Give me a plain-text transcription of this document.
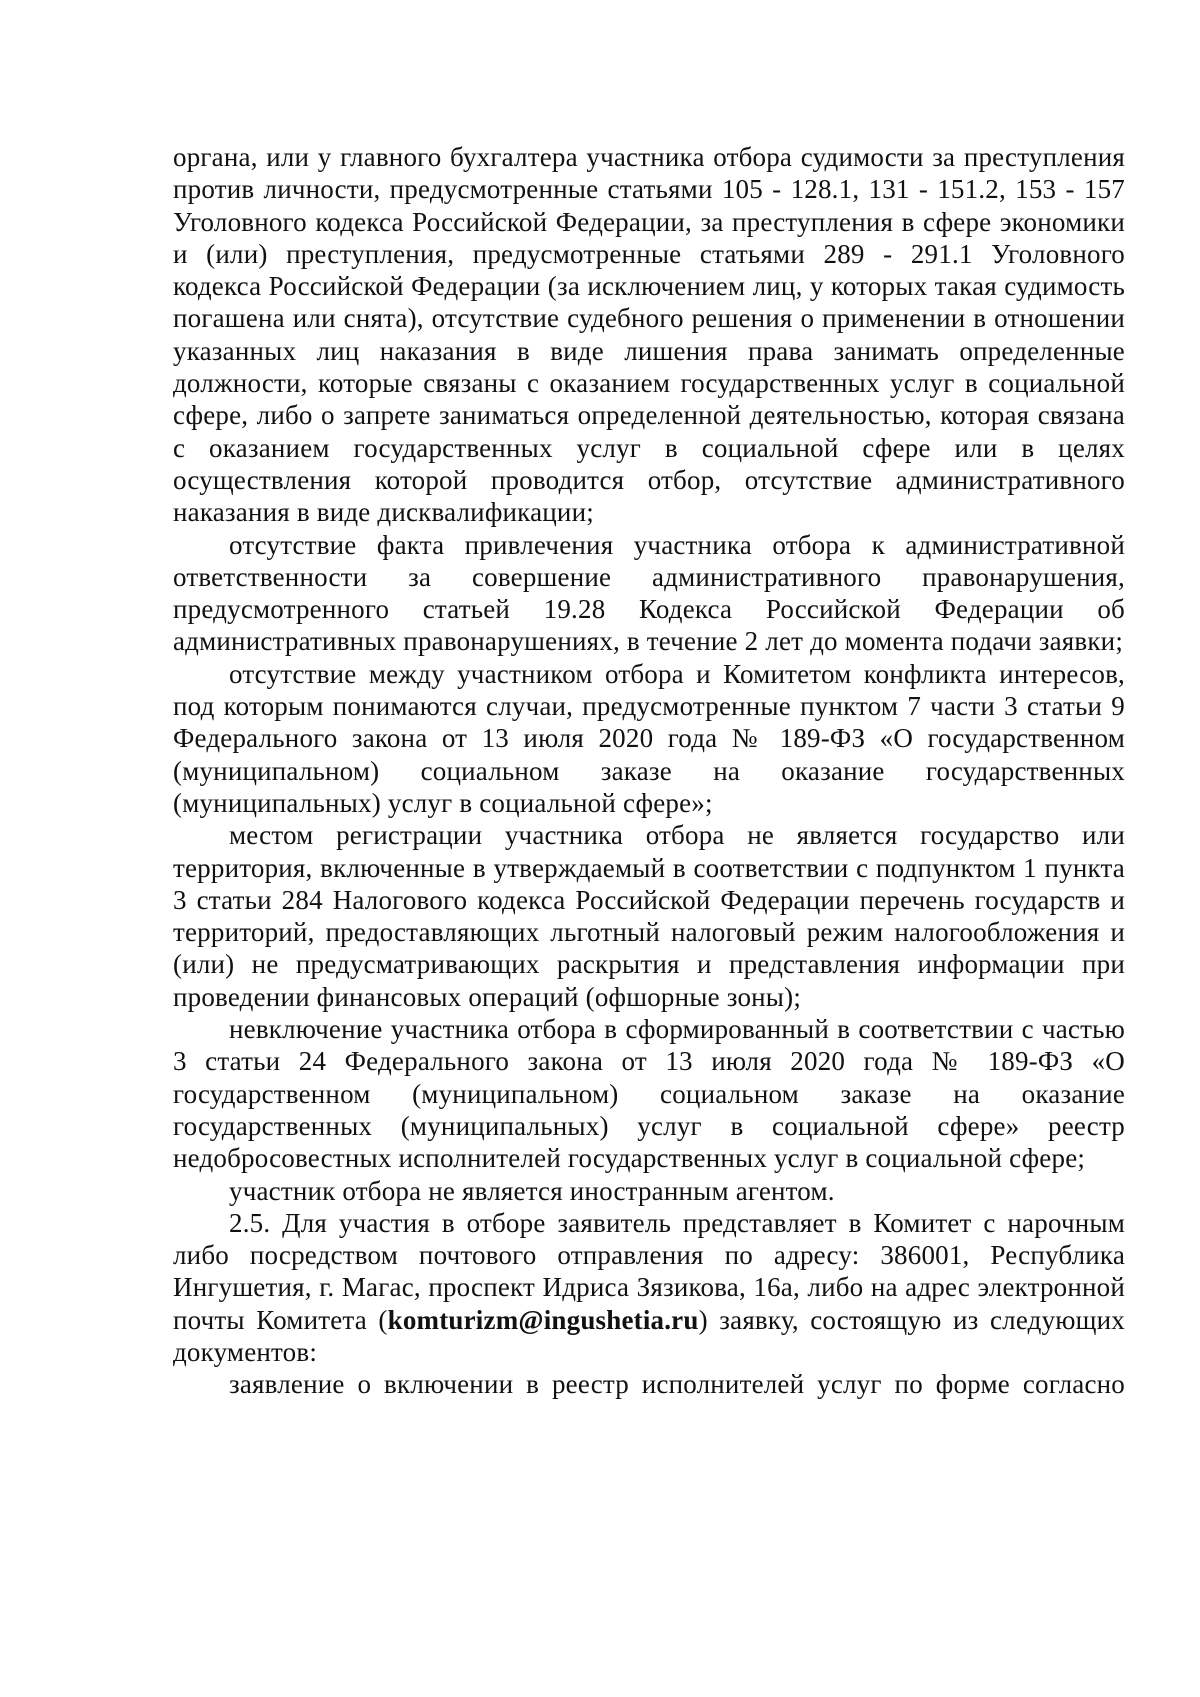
органа, или у главного бухгалтера участника отбора судимости за преступления против личности, предусмотренные статьями 105 - 128.1, 131 - 151.2, 153 - 157 Уголовного кодекса Российской Федерации, за преступления в сфере экономики и (или) преступления, предусмотренные статьями 289 - 291.1 Уголовного кодекса Российской Федерации (за исключением лиц, у которых такая судимость погашена или снята), отсутствие судебного решения о применении в отношении указанных лиц наказания в виде лишения права занимать определенные должности, которые связаны с оказанием государственных услуг в социальной сфере, либо о запрете заниматься определенной деятельностью, которая связана с оказанием государственных услуг в социальной сфере или в целях осуществления которой проводится отбор, отсутствие административного наказания в виде дисквалификации;

отсутствие факта привлечения участника отбора к административной ответственности за совершение административного правонарушения, предусмотренного статьей 19.28 Кодекса Российской Федерации об административных правонарушениях, в течение 2 лет до момента подачи заявки;

отсутствие между участником отбора и Комитетом конфликта интересов, под которым понимаются случаи, предусмотренные пунктом 7 части 3 статьи 9 Федерального закона от 13 июля 2020 года № 189-ФЗ «О государственном (муниципальном) социальном заказе на оказание государственных (муниципальных) услуг в социальной сфере»;

местом регистрации участника отбора не является государство или территория, включенные в утверждаемый в соответствии с подпунктом 1 пункта 3 статьи 284 Налогового кодекса Российской Федерации перечень государств и территорий, предоставляющих льготный налоговый режим налогообложения и (или) не предусматривающих раскрытия и представления информации при проведении финансовых операций (офшорные зоны);

невключение участника отбора в сформированный в соответствии с частью 3 статьи 24 Федерального закона от 13 июля 2020 года № 189-ФЗ «О государственном (муниципальном) социальном заказе на оказание государственных (муниципальных) услуг в социальной сфере» реестр недобросовестных исполнителей государственных услуг в социальной сфере;

участник отбора не является иностранным агентом.

2.5. Для участия в отборе заявитель представляет в Комитет с нарочным либо посредством почтового отправления по адресу: 386001, Республика Ингушетия, г. Магас, проспект Идриса Зязикова, 16а, либо на адрес электронной почты Комитета (komturizm@ingushetia.ru) заявку, состоящую из следующих документов:

заявление о включении в реестр исполнителей услуг по форме согласно
